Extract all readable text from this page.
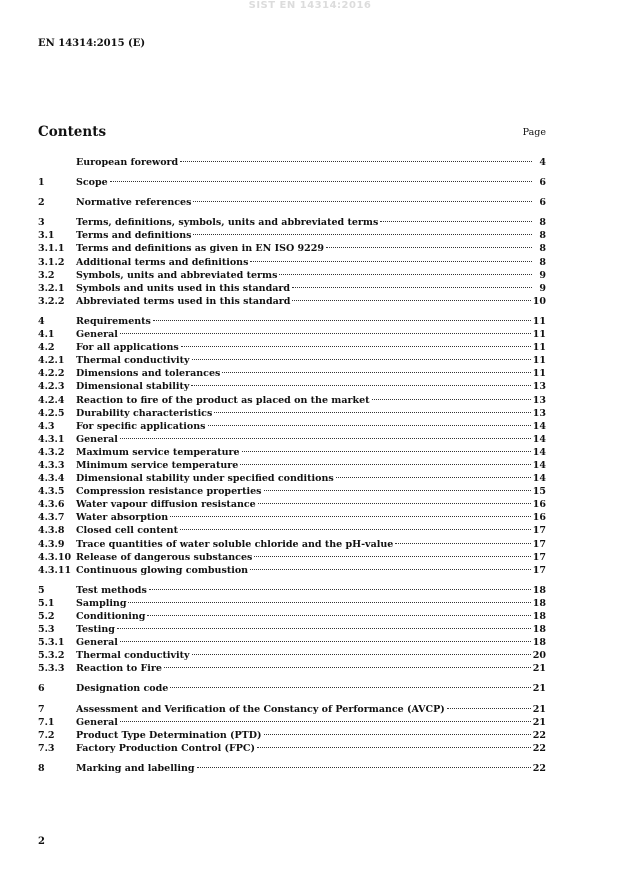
SIST EN 14314:2016
EN 14314:2015 (E)
Contents	Page
European foreword	4
1	Scope	6
2	Normative references	6
3	Terms, definitions, symbols, units and abbreviated terms	8
3.1	Terms and definitions	8
3.1.1	Terms and definitions as given in EN ISO 9229	8
3.1.2	Additional terms and definitions	8
3.2	Symbols, units and abbreviated terms	9
3.2.1	Symbols and units used in this standard	9
3.2.2	Abbreviated terms used in this standard	10
4	Requirements	11
4.1	General	11
4.2	For all applications	11
4.2.1	Thermal conductivity	11
4.2.2	Dimensions and tolerances	11
4.2.3	Dimensional stability	13
4.2.4	Reaction to fire of the product as placed on the market	13
4.2.5	Durability characteristics	13
4.3	For specific applications	14
4.3.1	General	14
4.3.2	Maximum service temperature	14
4.3.3	Minimum service temperature	14
4.3.4	Dimensional stability under specified conditions	14
4.3.5	Compression resistance properties	15
4.3.6	Water vapour diffusion resistance	16
4.3.7	Water absorption	16
4.3.8	Closed cell content	17
4.3.9	Trace quantities of water soluble chloride and the pH-value	17
4.3.10 Release of dangerous substances	17
4.3.11 Continuous glowing combustion	17
5	Test methods	18
5.1	Sampling	18
5.2	Conditioning	18
5.3	Testing	18
5.3.1	General	18
5.3.2	Thermal conductivity	20
5.3.3	Reaction to Fire	21
6	Designation code	21
7	Assessment and Verification of the Constancy of Performance (AVCP)	21
7.1	General	21
7.2	Product Type Determination (PTD)	22
7.3	Factory Production Control (FPC)	22
8	Marking and labelling	22
2
